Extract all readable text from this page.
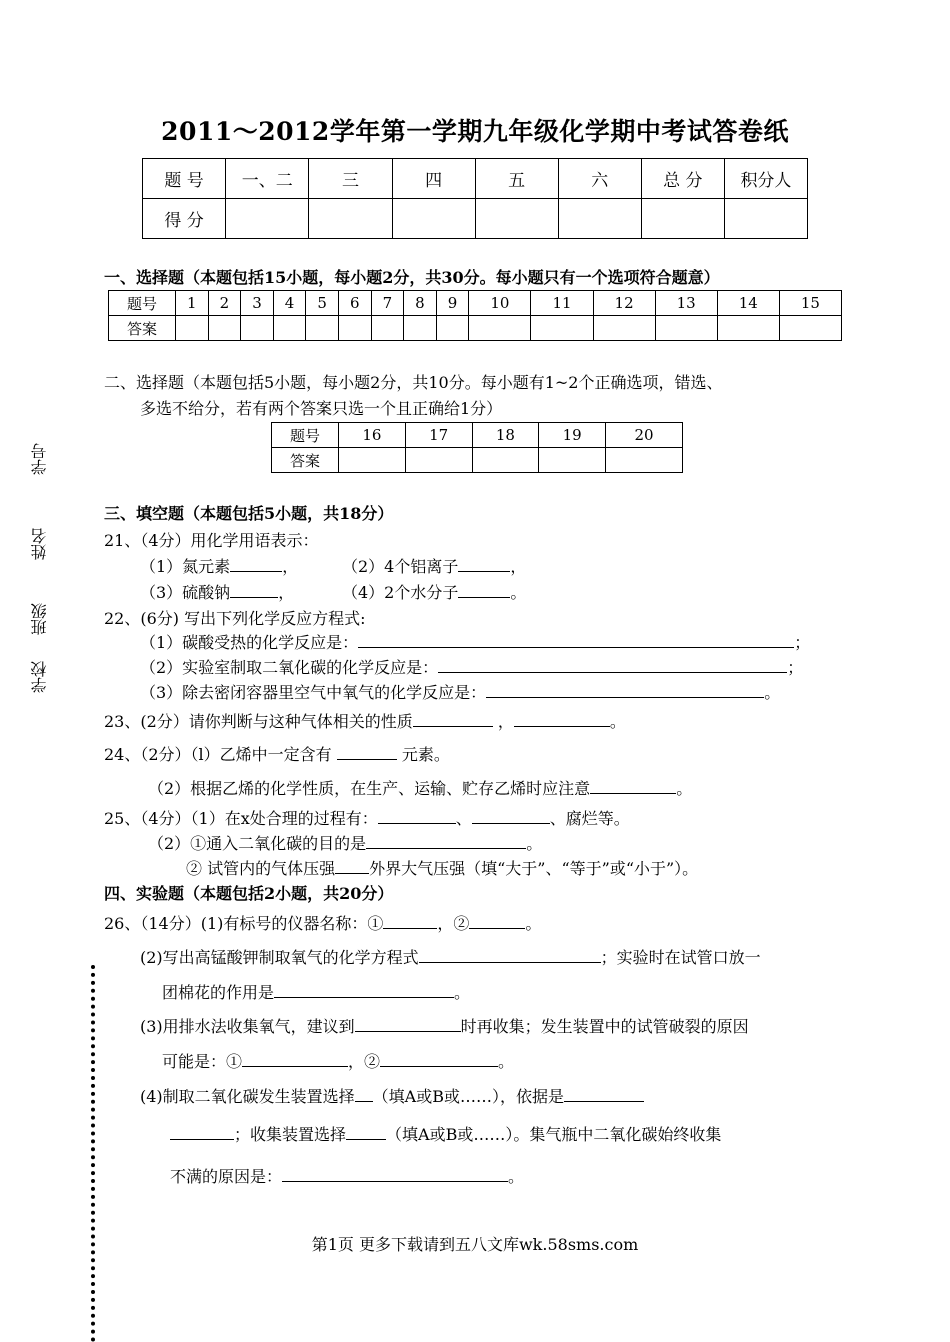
2011～2012学年第一学期九年级化学期中考试答卷纸
题 号	一、二	三	四	五	六	总 分	积分人
得 分							
一、选择题（本题包括15小题，每小题2分，共30分。每小题只有一个选项符合题意）
题号	1	2	3	4	5	6	7	8	9	10	11	12	13	14	15
答案															
二、选择题（本题包括5小题，每小题2分，共10分。每小题有1~2个正确选项，错选、
多选不给分，若有两个答案只选一个且正确给1分）
题号	16	17	18	19	20
答案					
三、填空题（本题包括5小题，共18分）
21、（4分）用化学用语表示：
（1）氮元素	，	（2）4个铝离子	，
（3）硫酸钠	，	（4）2个水分子	。
22、(6分) 写出下列化学反应方程式:
（1）碳酸受热的化学反应是：	；
（2）实验室制取二氧化碳的化学反应是：	；
（3）除去密闭容器里空气中氧气的化学反应是：	。
23、(2分）请你判断与这种气体相关的性质	，	。
24、（2分）（l）乙烯中一定含有	元素。
（2）根据乙烯的化学性质，在生产、运输、贮存乙烯时应注意	。
25、（4分）（1）在x处合理的过程有：	、	、腐烂等。
（2）①通入二氧化碳的目的是	。
② 试管内的气体压强 外界大气压强（填“大于”、“等于”或“小于”）。
四、实验题（本题包括2小题，共20分）
26、（14分）(1)有标号的仪器名称：①	，②	。
(2)写出高锰酸钾制取氧气的化学方程式	；实验时在试管口放一
团棉花的作用是	。
(3)用排水法收集氧气，建议到	时再收集；发生装置中的试管破裂的原因
可能是：①	，②	。
(4)制取二氧化碳发生装置选择 （填A或B或……），依据是
；收集装置选择	（填A或B或……）。集气瓶中二氧化碳始终收集
不满的原因是：	。
学号
姓名
班级
学校
第1页 更多下载请到五八文库wk.58sms.com
